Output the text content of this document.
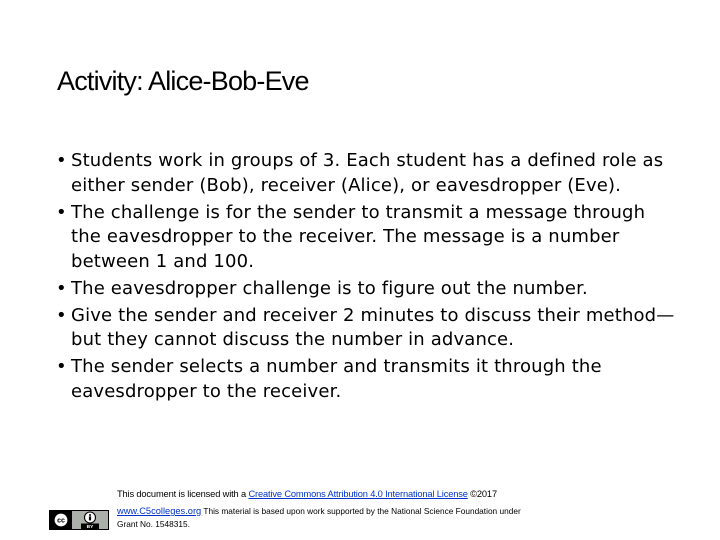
Activity: Alice-Bob-Eve
• Students work in groups of 3. Each student has a defined role as either sender (Bob), receiver (Alice), or eavesdropper (Eve).
• The challenge is for the sender to transmit a message through the eavesdropper to the receiver. The message is a number between 1 and 100.
• The eavesdropper challenge is to figure out the number.
• Give the sender and receiver 2 minutes to discuss their method—but they cannot discuss the number in advance.
• The sender selects a number and transmits it through the eavesdropper to the receiver.
cc
BY
This document is licensed with a Creative Commons Attribution 4.0 International License ©2017
www.C5colleges.org This material is based upon work supported by the National Science Foundation under
Grant No. 1548315.
